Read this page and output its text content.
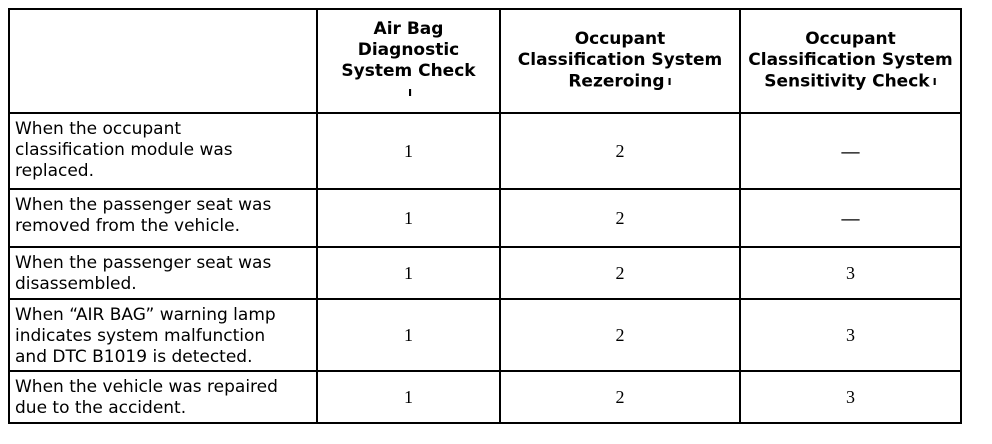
	Air Bag
Diagnostic
System Check
ı	Occupant
Classification System
Rezeroing ı	Occupant
Classification System
Sensitivity Check ı
When the occupant
classification module was
replaced.	1	2	—
When the passenger seat was
removed from the vehicle.	1	2	—
When the passenger seat was
disassembled.	1	2	3
When “AIR BAG” warning lamp
indicates system malfunction
and DTC B1019 is detected.	1	2	3
When the vehicle was repaired
due to the accident.	1	2	3
